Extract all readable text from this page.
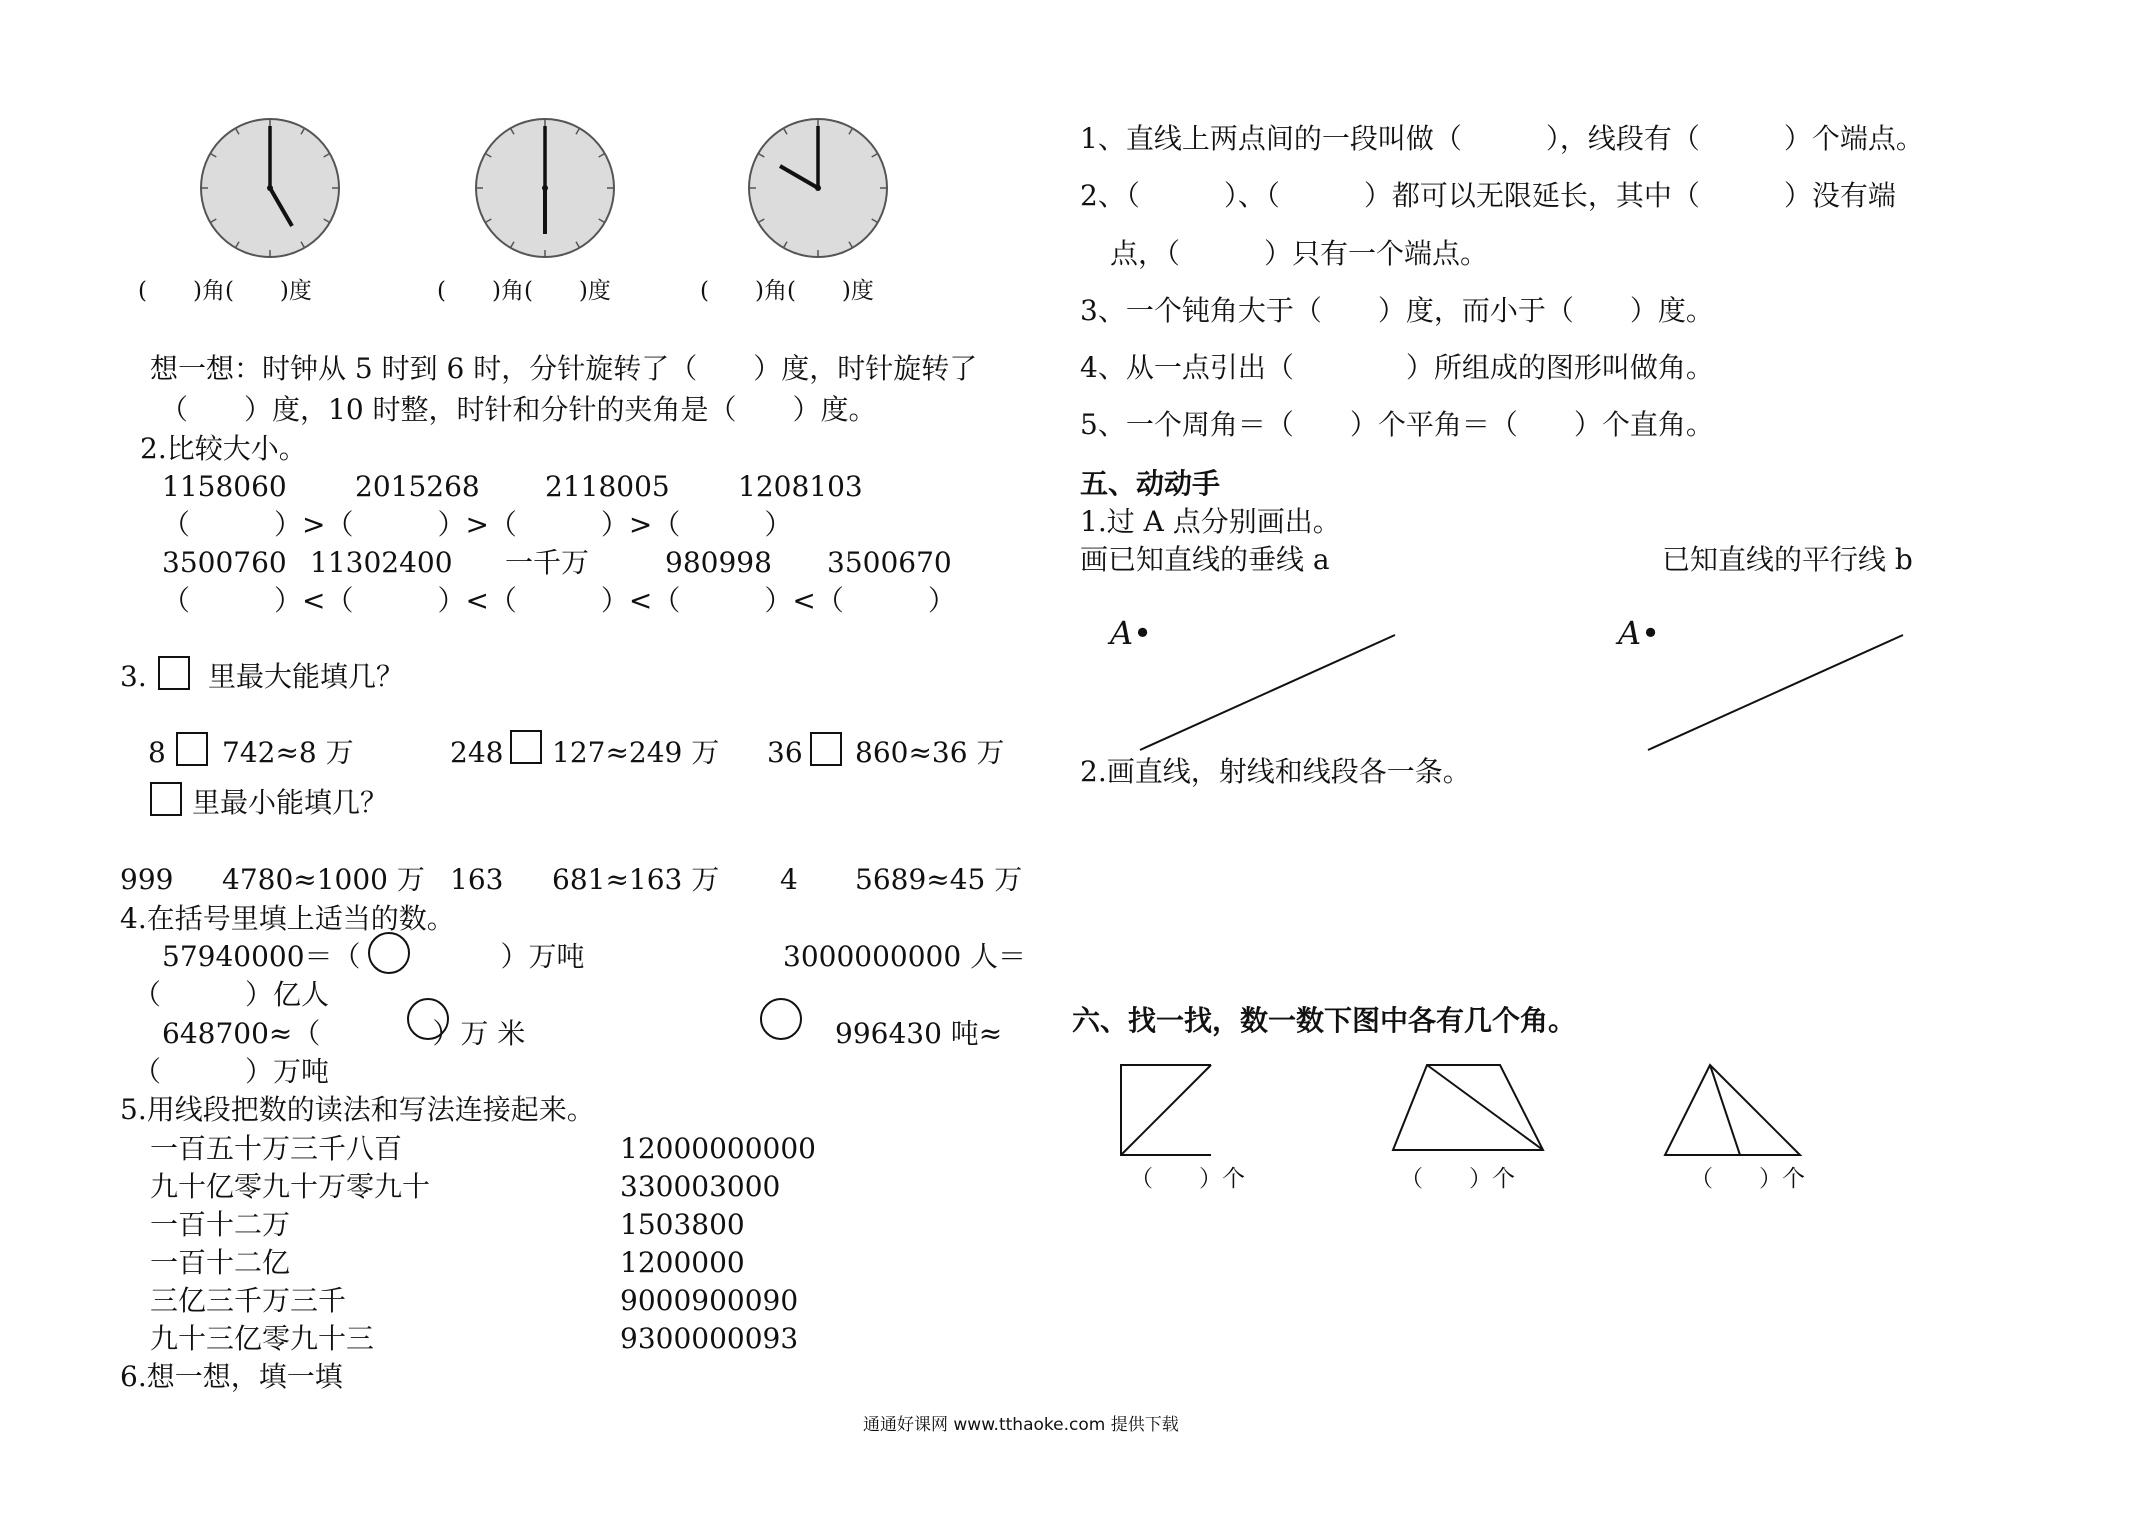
(　　)角(　　)度	(　　)角(　　)度	(　　)角(　　)度
想一想：时钟从 5 时到 6 时，分针旋转了（　　）度，时针旋转了
（　　）度，10 时整，时针和分针的夹角是（　　）度。
2.比较大小。
1158060 2015268 2118005 1208103
（　　　）>（　　　）>（　　　）>（　　　）
3500760 11302400 一千万	980998 3500670
（　　　）<（　　　）<（　　　）<（　　　）<（　　　）
3. 里最大能填几？
8 742≈8 万	248 127≈249 万 36 860≈36 万
里最小能填几？
999 4780≈1000 万 163 681≈163 万 4 5689≈45 万
4.在括号里填上适当的数。
57940000＝（　　　　　）万吨	3000000000 人＝
（　　　）亿人
648700≈（　　　　）万 米	996430 吨≈
（　　　）万吨
5.用线段把数的读法和写法连接起来。
一百五十万三千八百	12000000000
九十亿零九十万零九十	330003000
一百十二万	1503800
一百十二亿	1200000
三亿三千万三千	9000900090
九十三亿零九十三	9300000093
6.想一想，填一填
1、直线上两点间的一段叫做（　　　），线段有（　　　）个端点。
2、（　　　）、（　　　）都可以无限延长，其中（　　　）没有端
点，（　　　）只有一个端点。
3、一个钝角大于（　　）度，而小于（　　）度。
4、从一点引出（　　　　）所组成的图形叫做角。
5、一个周角＝（　　）个平角＝（　　）个直角。
五、动动手
1.过 A 点分别画出。
画已知直线的垂线 a	已知直线的平行线 b
A•	A•
2.画直线，射线和线段各一条。
六、找一找，数一数下图中各有几个角。
（　　）个	（　　）个	（　　）个
通通好课网 www.tthaoke.com 提供下载
